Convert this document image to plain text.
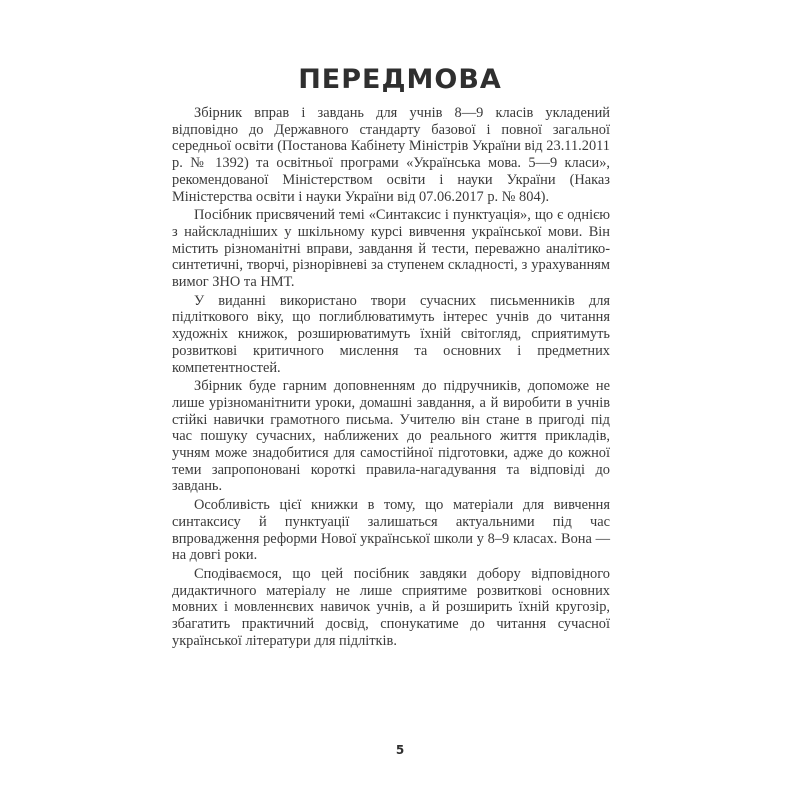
ПЕРЕДМОВА

Збірник вправ і завдань для учнів 8—9 класів укладений відповідно до Державного стандарту базової і повної загальної середньої освіти (Постанова Кабінету Міністрів України від 23.11.2011 р. № 1392) та освітньої програми «Українська мова. 5—9 класи», рекомендованої Міністерством освіти і науки України (Наказ Міністерства освіти і науки України від 07.06.2017 р. № 804).

Посібник присвячений темі «Синтаксис і пунктуація», що є однією з найскладніших у шкільному курсі вивчення української мови. Він містить різноманітні вправи, завдання й тести, переважно аналітико-синтетичні, творчі, різнорівневі за ступенем складності, з урахуванням вимог ЗНО та НМТ.

У виданні використано твори сучасних письменників для підліткового віку, що поглиблюватимуть інтерес учнів до читання художніх книжок, розширюватимуть їхній світогляд, сприятимуть розвиткові критичного мислення та основних і предметних компетентностей.

Збірник буде гарним доповненням до підручників, допоможе не лише урізноманітнити уроки, домашні завдання, а й виробити в учнів стійкі навички грамотного письма. Учителю він стане в пригоді під час пошуку сучасних, наближених до реального життя прикладів, учням може знадобитися для самостійної підготовки, адже до кожної теми запропоновані короткі правила-нагадування та відповіді до завдань.

Особливість цієї книжки в тому, що матеріали для вивчення синтаксису й пунктуації залишаться актуальними під час впровадження реформи Нової української школи у 8–9 класах. Вона — на довгі роки.

Сподіваємося, що цей посібник завдяки добору відповідного дидактичного матеріалу не лише сприятиме розвиткові основних мовних і мовленнєвих навичок учнів, а й розширить їхній кругозір, збагатить практичний досвід, спонукатиме до читання сучасної української літератури для підлітків.

5
